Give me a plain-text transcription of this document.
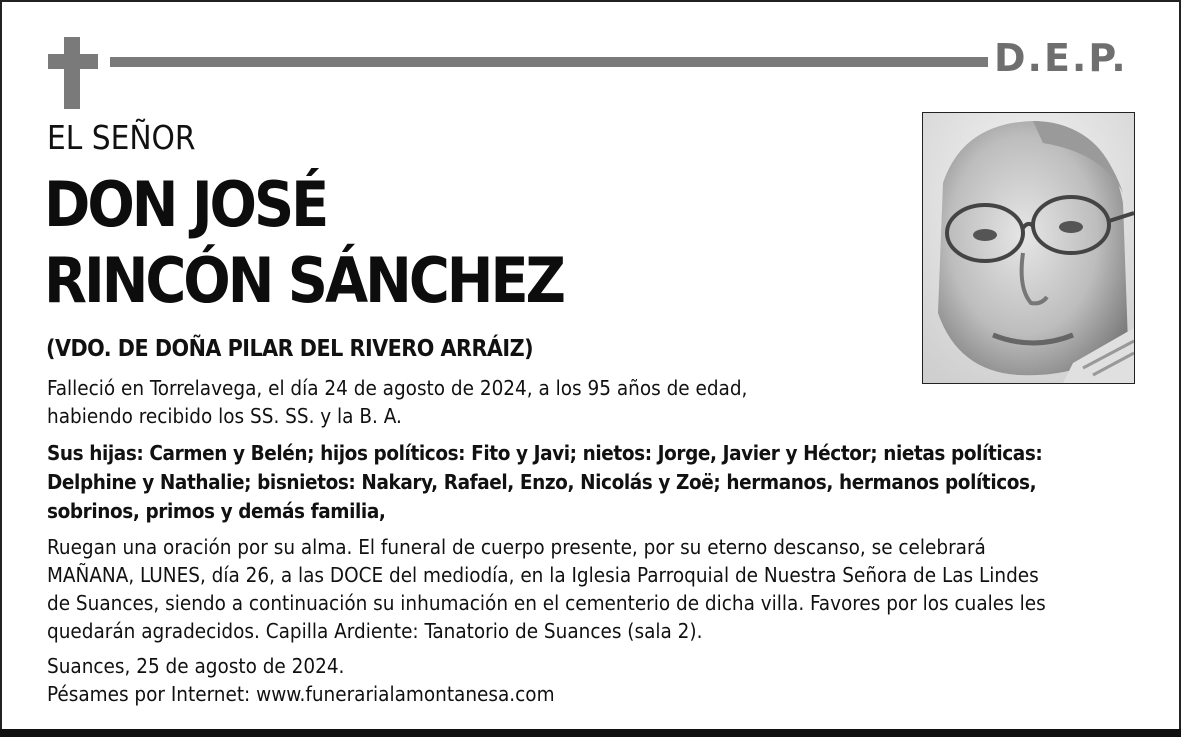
D.E.P.
EL SEÑOR
DON JOSÉ
RINCÓN SÁNCHEZ
(VDO. DE DOÑA PILAR DEL RIVERO ARRÁIZ)
Falleció en Torrelavega, el día 24 de agosto de 2024, a los 95 años de edad,
habiendo recibido los SS. SS. y la B. A.
Sus hijas: Carmen y Belén; hijos políticos: Fito y Javi; nietos: Jorge, Javier y Héctor; nietas políticas:
Delphine y Nathalie; bisnietos: Nakary, Rafael, Enzo, Nicolás y Zoë; hermanos, hermanos políticos,
sobrinos, primos y demás familia,
Ruegan una oración por su alma. El funeral de cuerpo presente, por su eterno descanso, se celebrará
MAÑANA, LUNES, día 26, a las DOCE del mediodía, en la Iglesia Parroquial de Nuestra Señora de Las Lindes
de Suances, siendo a continuación su inhumación en el cementerio de dicha villa. Favores por los cuales les
quedarán agradecidos. Capilla Ardiente: Tanatorio de Suances (sala 2).
Suances, 25 de agosto de 2024.
Pésames por Internet: www.funerarialamontanesa.com
